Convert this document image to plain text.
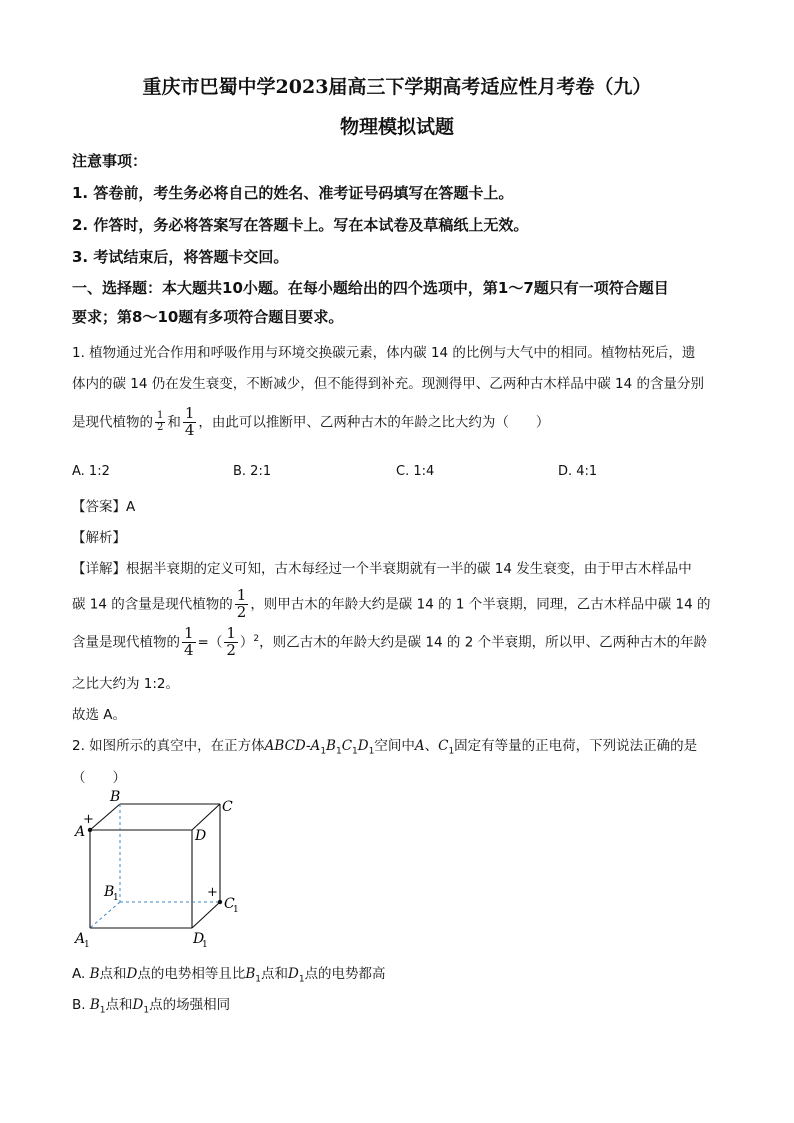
重庆市巴蜀中学2023届高三下学期高考适应性月考卷（九）
物理模拟试题
注意事项：
1. 答卷前，考生务必将自己的姓名、准考证号码填写在答题卡上。
2. 作答时，务必将答案写在答题卡上。写在本试卷及草稿纸上无效。
3. 考试结束后，将答题卡交回。
一、选择题：本大题共10小题。在每小题给出的四个选项中，第1～7题只有一项符合题目
要求；第8～10题有多项符合题目要求。
1. 植物通过光合作用和呼吸作用与环境交换碳元素，体内碳 14 的比例与大气中的相同。植物枯死后，遗
体内的碳 14 仍在发生衰变，不断减少，但不能得到补充。现测得甲、乙两种古木样品中碳 14 的含量分别
是现代植物的 $\frac{1}{2}$ 和 $\frac{1}{4}$ ，由此可以推断甲、乙两种古木的年龄之比大约为（　　）
A. 1:2	B. 2:1	C. 1:4	D. 4:1
【答案】A
【解析】
【详解】根据半衰期的定义可知，古木每经过一个半衰期就有一半的碳 14 发生衰变，由于甲古木样品中
碳 14 的含量是现代植物的 $\frac{1}{2}$ ，则甲古木的年龄大约是碳 14 的 1 个半衰期，同理，乙古木样品中碳 14 的
含量是现代植物的 $\frac{1}{4}$ =（ $\frac{1}{2} )^2$，则乙古木的年龄大约是碳 14 的 2 个半衰期，所以甲、乙两种古木的年龄
之比大约为 1:2。
故选 A。
2. 如图所示的真空中，在正方体ABCD-$A_1B_1C_1D_1$空间中A、$C_1$固定有等量的正电荷，下列说法正确的是
（　　）
+
+
B
C
A	D
B
1	C
1
A
1	D
1
A. B点和D点的电势相等且比$B_1$点和$D_1$点的电势都高
B. $B_1$点和$D_1$点的场强相同
